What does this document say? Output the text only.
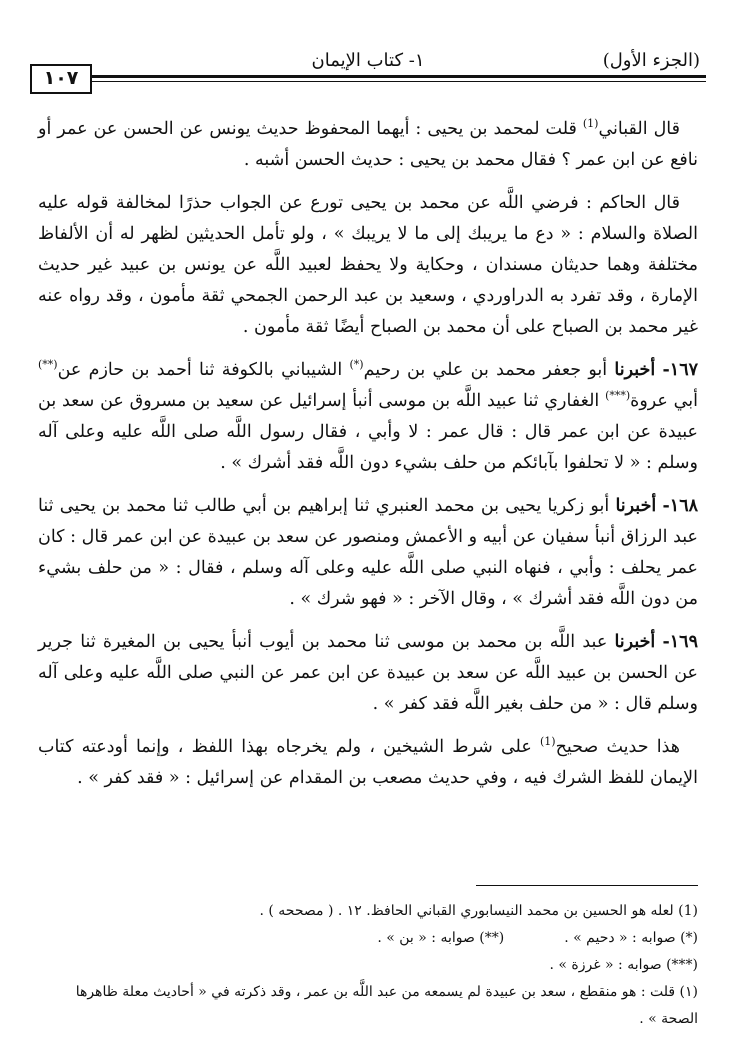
١٠٧
١- كتاب الإيمان	(الجزء الأول)

قال القباني$^{(1)}$ قلت لمحمد بن يحيى : أيهما المحفوظ حديث يونس عن الحسن عن عمر أو نافع عن ابن عمر ؟ فقال محمد بن يحيى : حديث الحسن أشبه .

قال الحاكم : فرضي اللَّه عن محمد بن يحيى تورع عن الجواب حذرًا لمخالفة قوله عليه الصلاة والسلام : « دع ما يريبك إلى ما لا يريبك » ، ولو تأمل الحديثين لظهر له أن الألفاظ مختلفة وهما حديثان مسندان ، وحكاية ولا يحفظ لعبيد اللَّه عن يونس بن عبيد غير حديث الإمارة ، وقد تفرد به الدراوردي ، وسعيد بن عبد الرحمن الجمحي ثقة مأمون ، وقد رواه عنه غير محمد بن الصباح على أن محمد بن الصباح أيضًا ثقة مأمون .

١٦٧- أخبرنا أبو جعفر محمد بن علي بن رحيم(*) الشيباني بالكوفة ثنا أحمد بن حازم عن(**) أبي عروة(***) الغفاري ثنا عبيد اللَّه بن موسى أنبأ إسرائيل عن سعيد بن مسروق عن سعد بن عبيدة عن ابن عمر قال : قال عمر : لا وأبي ، فقال رسول اللَّه صلى اللَّه عليه وعلى آله وسلم : « لا تحلفوا بآبائكم من حلف بشيء دون اللَّه فقد أشرك » .

١٦٨- أخبرنا أبو زكريا يحيى بن محمد العنبري ثنا إبراهيم بن أبي طالب ثنا محمد بن يحيى ثنا عبد الرزاق أنبأ سفيان عن أبيه و الأعمش ومنصور عن سعد بن عبيدة عن ابن عمر قال : كان عمر يحلف : وأبي ، فنهاه النبي صلى اللَّه عليه وعلى آله وسلم ، فقال : « من حلف بشيء من دون اللَّه فقد أشرك » ، وقال الآخر : « فهو شرك » .

١٦٩- أخبرنا عبد اللَّه بن محمد بن موسى ثنا محمد بن أيوب أنبأ يحيى بن المغيرة ثنا جرير عن الحسن بن عبيد اللَّه عن سعد بن عبيدة عن ابن عمر عن النبي صلى اللَّه عليه وعلى آله وسلم قال : « من حلف بغير اللَّه فقد كفر » .

هذا حديث صحيح$^{(1)}$ على شرط الشيخين ، ولم يخرجاه بهذا اللفظ ، وإنما أودعته كتاب الإيمان للفظ الشرك فيه ، وفي حديث مصعب بن المقدام عن إسرائيل : « فقد كفر » .

(1) لعله هو الحسين بن محمد النيسابوري القباني الحافظ. ١٢ . ( مصححه ) .

(*) صوابه : « دحيم » .
(**) صوابه : « بن » .

(***) صوابه : « غرزة » .

(١) قلت : هو منقطع ، سعد بن عبيدة لم يسمعه من عبد اللَّه بن عمر ، وقد ذكرته في « أحاديث معلة ظاهرها الصحة » .
